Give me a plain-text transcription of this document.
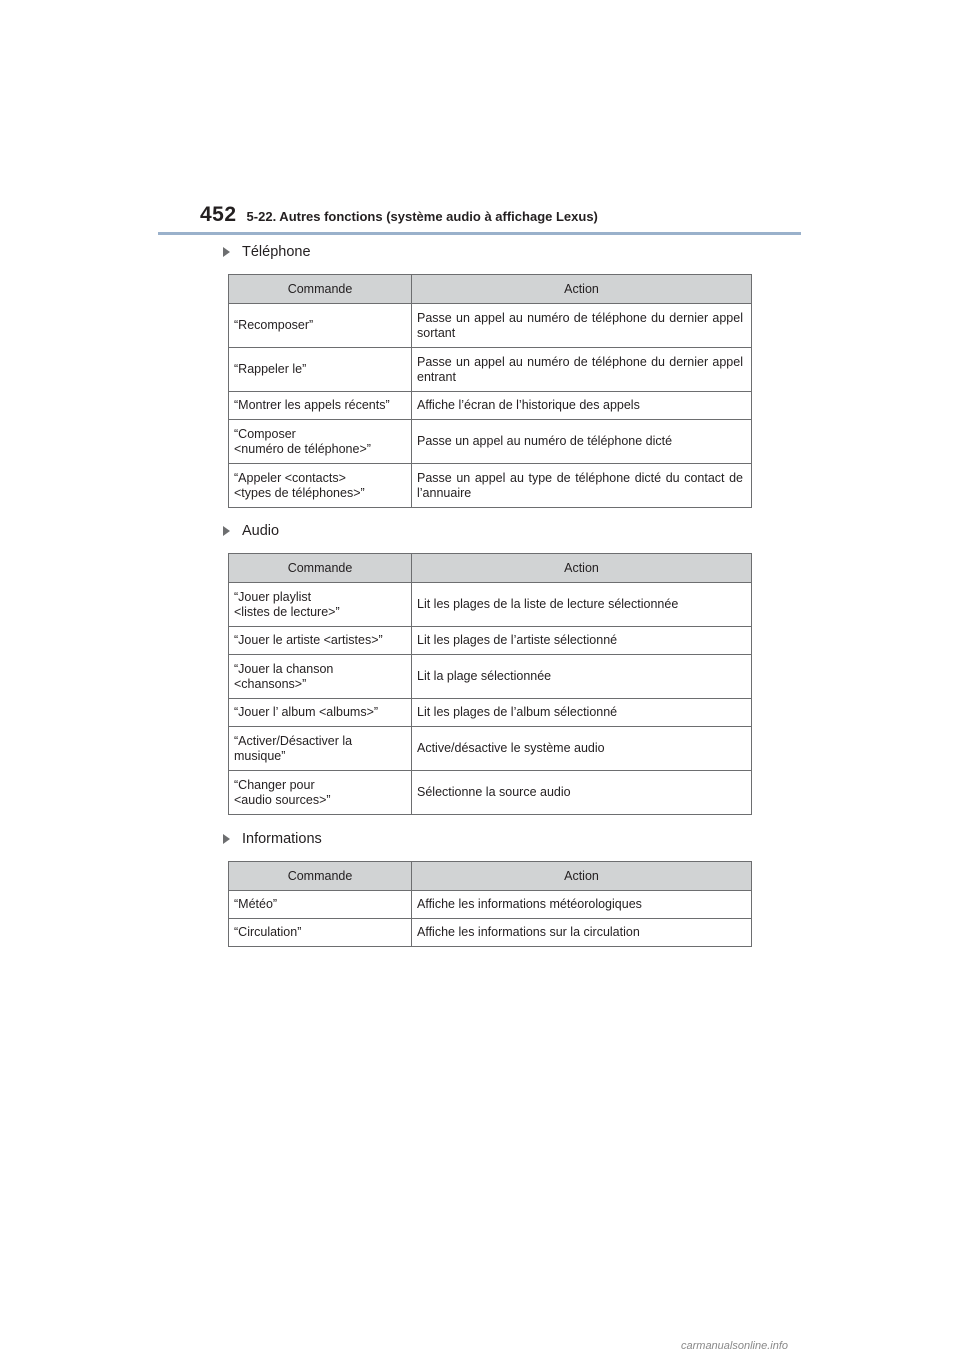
452 5-22. Autres fonctions (système audio à affichage Lexus)
Téléphone
Commande	Action
“Recomposer”	Passe un appel au numéro de téléphone du dernier appel sortant
“Rappeler le”	Passe un appel au numéro de téléphone du dernier appel entrant
“Montrer les appels récents”	Affiche l’écran de l’historique des appels
“Composer
<numéro de téléphone>”	Passe un appel au numéro de téléphone dicté
“Appeler <contacts>
<types de téléphones>”	Passe un appel au type de téléphone dicté du contact de l’annuaire
Audio
Commande	Action
“Jouer playlist
<listes de lecture>”	Lit les plages de la liste de lecture sélectionnée
“Jouer le artiste <artistes>”	Lit les plages de l’artiste sélectionné
“Jouer la chanson
<chansons>”	Lit la plage sélectionnée
“Jouer l’ album <albums>”	Lit les plages de l’album sélectionné
“Activer/Désactiver la
musique”	Active/désactive le système audio
“Changer pour
<audio sources>”	Sélectionne la source audio
Informations
Commande	Action
“Météo”	Affiche les informations météorologiques
“Circulation”	Affiche les informations sur la circulation
carmanualsonline.info
